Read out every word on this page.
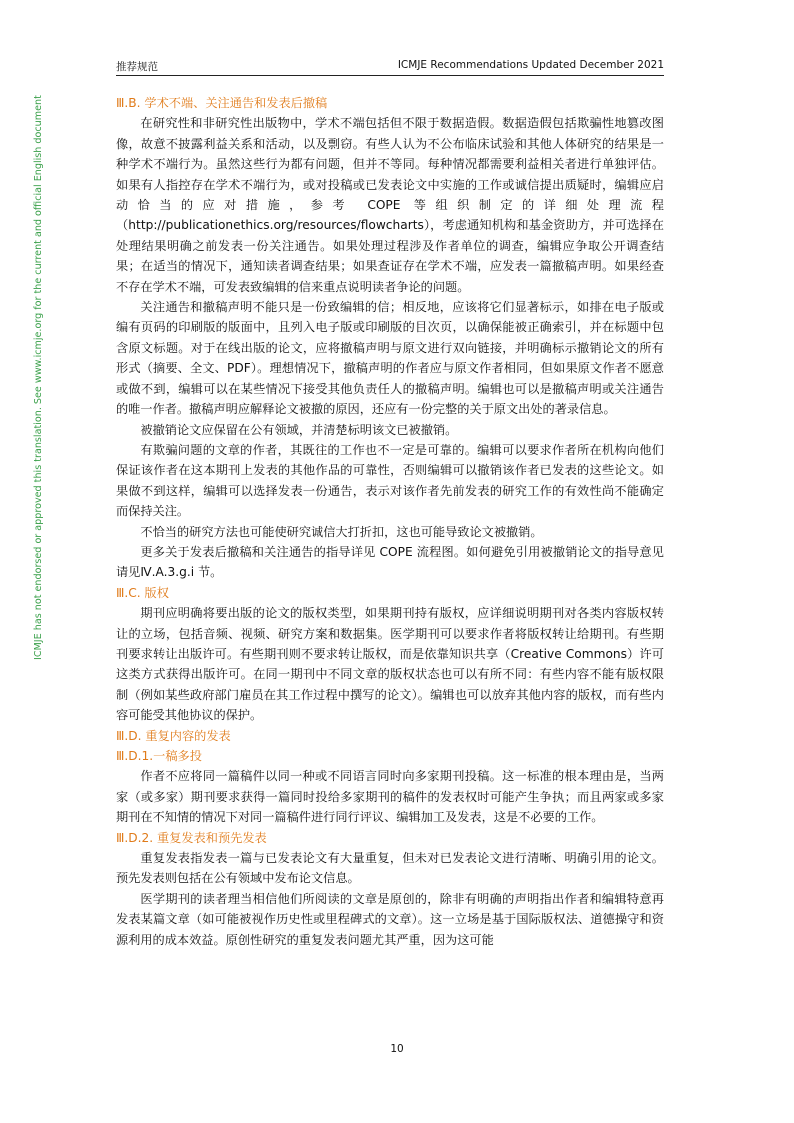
推荐规范	ICMJE Recommendations Updated December 2021
ICMJE has not endorsed or approved this translation. See www.icmje.org for the current and official English document	Ⅲ.B. 学术不端、关注通告和发表后撤稿

在研究性和非研究性出版物中，学术不端包括但不限于数据造假。数据造假包括欺骗性地篡改图像，故意不披露利益关系和活动，以及剽窃。有些人认为不公布临床试验和其他人体研究的结果是一种学术不端行为。虽然这些行为都有问题，但并不等同。每种情况都需要利益相关者进行单独评估。如果有人指控存在学术不端行为，或对投稿或已发表论文中实施的工作或诚信提出质疑时，编辑应启动恰当的应对措施，参考 COPE 等组织制定的详细处理流程（http://publicationethics.org/resources/flowcharts），考虑通知机构和基金资助方，并可选择在处理结果明确之前发表一份关注通告。如果处理过程涉及作者单位的调查，编辑应争取公开调查结果；在适当的情况下，通知读者调查结果；如果查证存在学术不端，应发表一篇撤稿声明。如果经查不存在学术不端，可发表致编辑的信来重点说明读者争论的问题。

关注通告和撤稿声明不能只是一份致编辑的信；相反地，应该将它们显著标示，如排在电子版或编有页码的印刷版的版面中，且列入电子版或印刷版的目次页，以确保能被正确索引，并在标题中包含原文标题。对于在线出版的论文，应将撤稿声明与原文进行双向链接，并明确标示撤销论文的所有形式（摘要、全文、PDF）。理想情况下，撤稿声明的作者应与原文作者相同，但如果原文作者不愿意或做不到，编辑可以在某些情况下接受其他负责任人的撤稿声明。编辑也可以是撤稿声明或关注通告的唯一作者。撤稿声明应解释论文被撤的原因，还应有一份完整的关于原文出处的著录信息。

被撤销论文应保留在公有领域，并清楚标明该文已被撤销。

有欺骗问题的文章的作者，其既往的工作也不一定是可靠的。编辑可以要求作者所在机构向他们保证该作者在这本期刊上发表的其他作品的可靠性，否则编辑可以撤销该作者已发表的这些论文。如果做不到这样，编辑可以选择发表一份通告，表示对该作者先前发表的研究工作的有效性尚不能确定而保持关注。

不恰当的研究方法也可能使研究诚信大打折扣，这也可能导致论文被撤销。

更多关于发表后撤稿和关注通告的指导详见 COPE 流程图。如何避免引用被撤销论文的指导意见请见Ⅳ.A.3.g.i 节。

Ⅲ.C. 版权

期刊应明确将要出版的论文的版权类型，如果期刊持有版权，应详细说明期刊对各类内容版权转让的立场，包括音频、视频、研究方案和数据集。医学期刊可以要求作者将版权转让给期刊。有些期刊要求转让出版许可。有些期刊则不要求转让版权，而是依靠知识共享（Creative Commons）许可这类方式获得出版许可。在同一期刊中不同文章的版权状态也可以有所不同：有些内容不能有版权限制（例如某些政府部门雇员在其工作过程中撰写的论文）。编辑也可以放弃其他内容的版权，而有些内容可能受其他协议的保护。

Ⅲ.D. 重复内容的发表
Ⅲ.D.1.一稿多投

作者不应将同一篇稿件以同一种或不同语言同时向多家期刊投稿。这一标准的根本理由是，当两家（或多家）期刊要求获得一篇同时投给多家期刊的稿件的发表权时可能产生争执；而且两家或多家期刊在不知情的情况下对同一篇稿件进行同行评议、编辑加工及发表，这是不必要的工作。

Ⅲ.D.2. 重复发表和预先发表

重复发表指发表一篇与已发表论文有大量重复，但未对已发表论文进行清晰、明确引用的论文。预先发表则包括在公有领域中发布论文信息。

医学期刊的读者理当相信他们所阅读的文章是原创的，除非有明确的声明指出作者和编辑特意再发表某篇文章（如可能被视作历史性或里程碑式的文章）。这一立场是基于国际版权法、道德操守和资源利用的成本效益。原创性研究的重复发表问题尤其严重，因为这可能

10
